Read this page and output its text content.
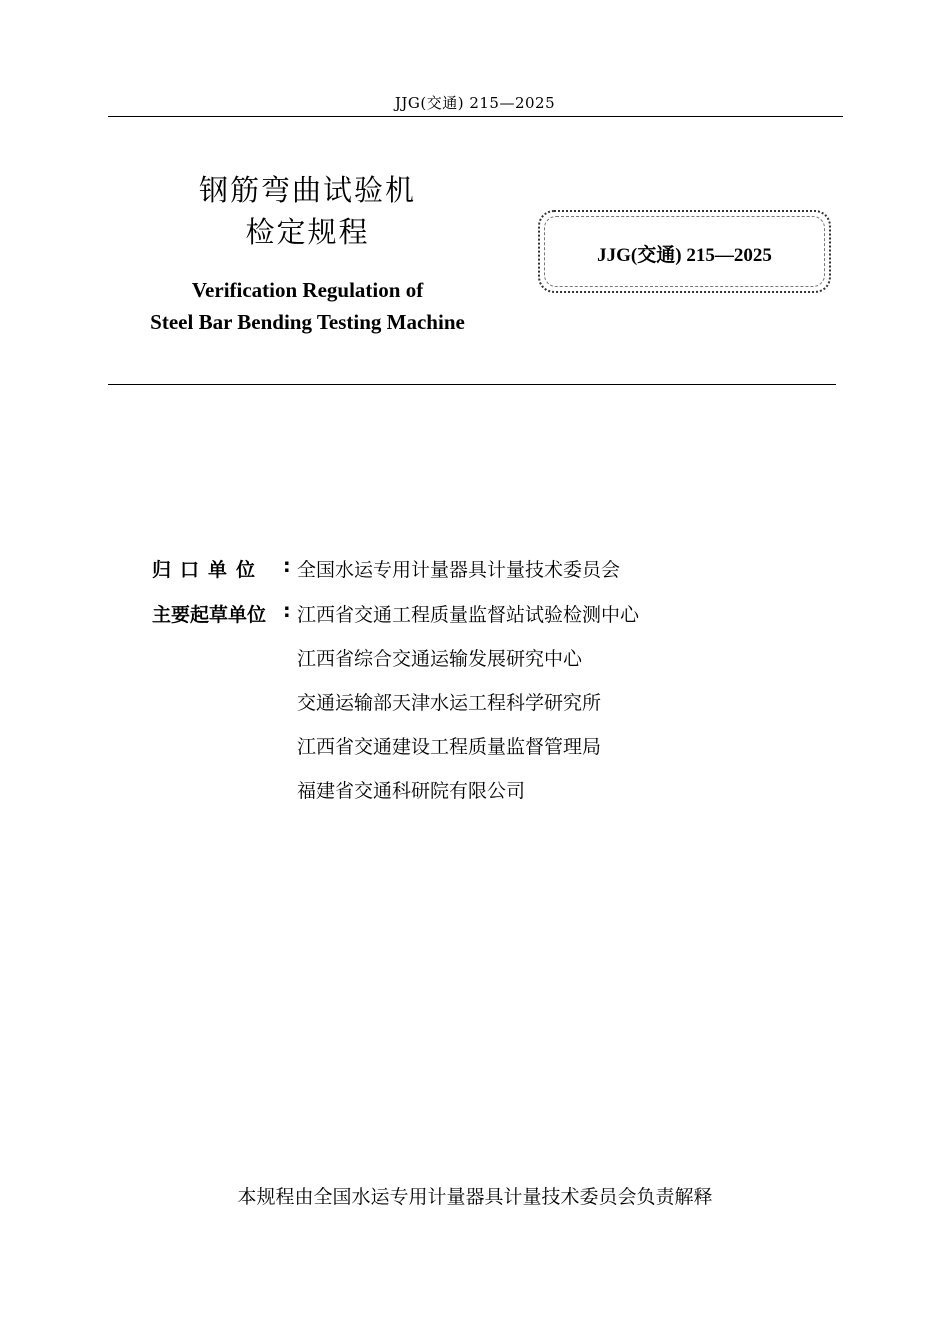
JJG(交通) 215—2025
钢筋弯曲试验机
检定规程
Verification Regulation of
Steel Bar Bending Testing Machine
JJG(交通) 215—2025
归口单位 : 全国水运专用计量器具计量技术委员会
主要起草单位 : 江西省交通工程质量监督站试验检测中心
江西省综合交通运输发展研究中心
交通运输部天津水运工程科学研究所
江西省交通建设工程质量监督管理局
福建省交通科研院有限公司
本规程由全国水运专用计量器具计量技术委员会负责解释
